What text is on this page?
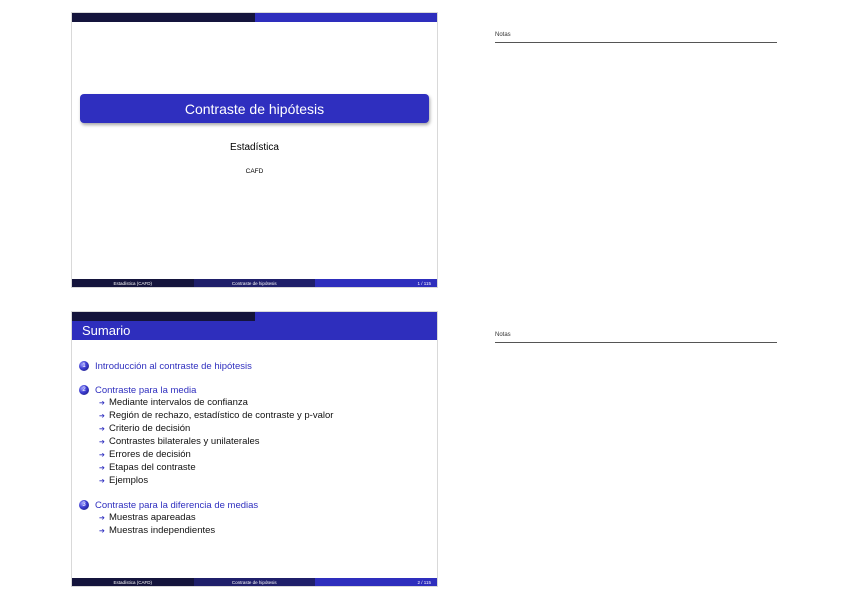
Contraste de hipótesis
Estadística
CAFD
Estadística (CAFD)	Contraste de hipótesis	1 / 115
Notas
Sumario
1 Introducción al contraste de hipótesis
2 Contraste para la media
➔ Mediante intervalos de confianza
➔ Región de rechazo, estadístico de contraste y p-valor
➔ Criterio de decisión
➔ Contrastes bilaterales y unilaterales
➔ Errores de decisión
➔ Etapas del contraste
➔ Ejemplos
3 Contraste para la diferencia de medias
➔ Muestras apareadas
➔ Muestras independientes
Estadística (CAFD)	Contraste de hipótesis	2 / 115
Notas
